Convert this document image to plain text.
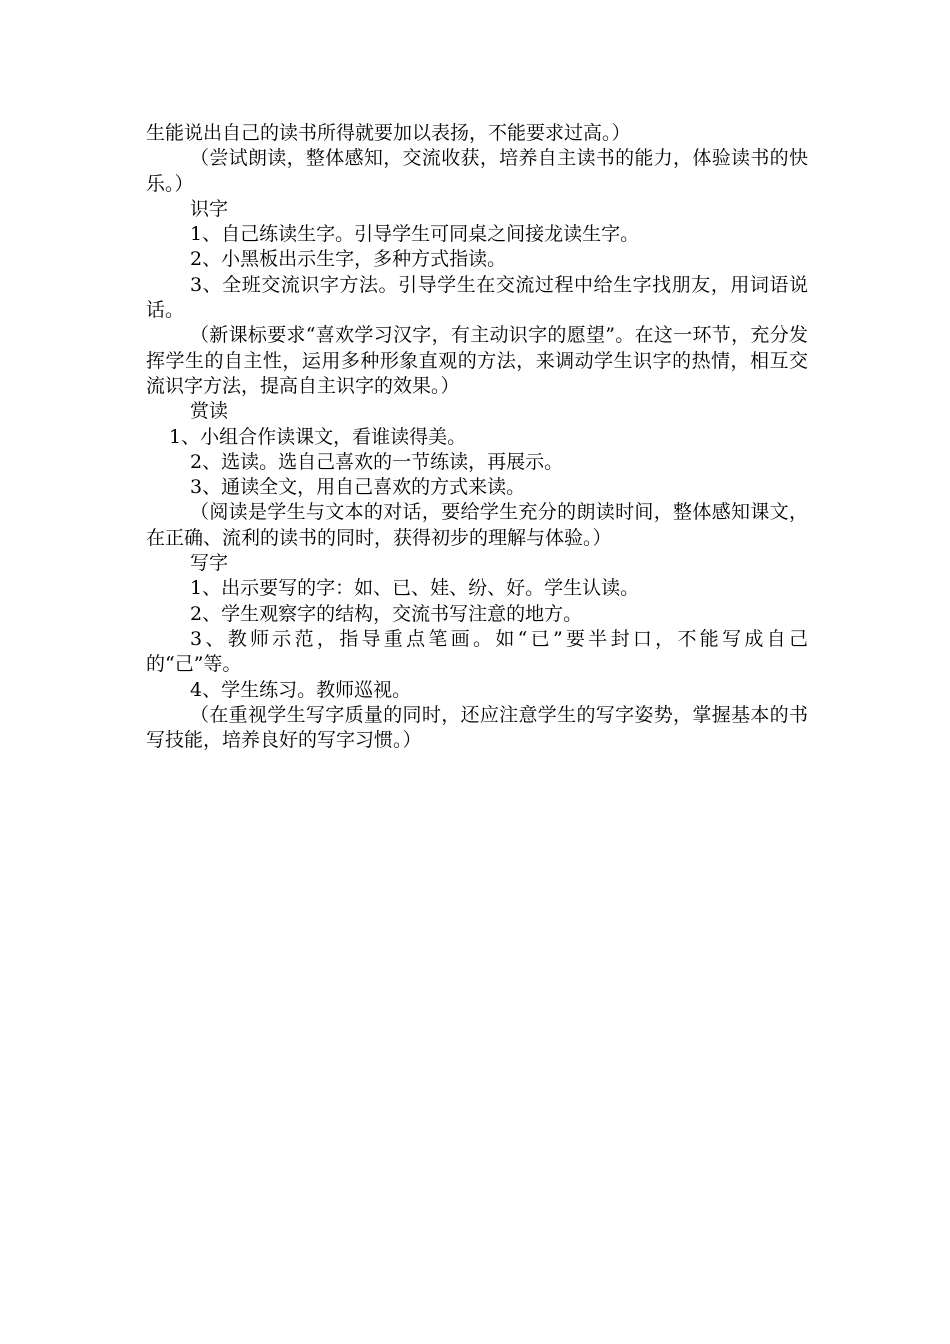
生能说出自己的读书所得就要加以表扬，不能要求过高。）

（尝试朗读，整体感知，交流收获，培养自主读书的能力，体验读书的快乐。）

识字

1、自己练读生字。引导学生可同桌之间接龙读生字。

2、小黑板出示生字，多种方式指读。

3、全班交流识字方法。引导学生在交流过程中给生字找朋友，用词语说话。

（新课标要求“喜欢学习汉字，有主动识字的愿望”。在这一环节，充分发挥学生的自主性，运用多种形象直观的方法，来调动学生识字的热情，相互交流识字方法，提高自主识字的效果。）

赏读

1、小组合作读课文，看谁读得美。

2、选读。选自己喜欢的一节练读，再展示。

3、通读全文，用自己喜欢的方式来读。

（阅读是学生与文本的对话，要给学生充分的朗读时间，整体感知课文，在正确、流利的读书的同时，获得初步的理解与体验。）

写字

1、出示要写的字：如、已、娃、纷、好。学生认读。

2、学生观察字的结构，交流书写注意的地方。

3、教师示范，指导重点笔画。如“已”要半封口，不能写成自己的“己”等。

4、学生练习。教师巡视。

（在重视学生写字质量的同时，还应注意学生的写字姿势，掌握基本的书写技能，培养良好的写字习惯。）
